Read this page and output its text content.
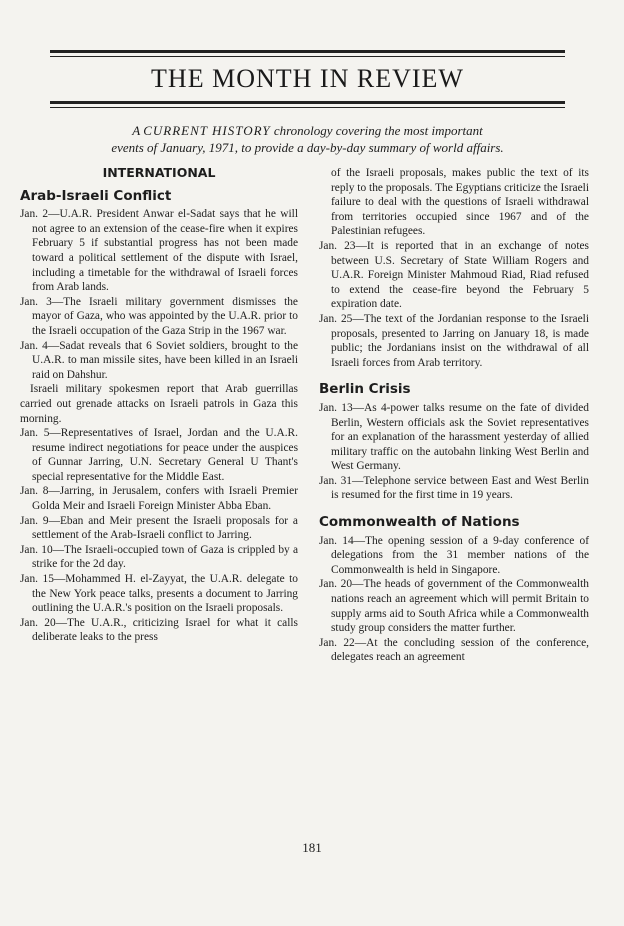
THE MONTH IN REVIEW
A CURRENT HISTORY chronology covering the most important
events of January, 1971, to provide a day-by-day summary of world affairs.
INTERNATIONAL
Arab-Israeli Conflict

Jan. 2—U.A.R. President Anwar el-Sadat says that he will not agree to an extension of the cease-fire when it expires February 5 if substantial progress has not been made toward a political settlement of the dispute with Israel, including a timetable for the withdrawal of Israeli forces from Arab lands.

Jan. 3—The Israeli military government dismisses the mayor of Gaza, who was appointed by the U.A.R. prior to the Israeli occupation of the Gaza Strip in the 1967 war.

Jan. 4—Sadat reveals that 6 Soviet soldiers, brought to the U.A.R. to man missile sites, have been killed in an Israeli raid on Dahshur.

Israeli military spokesmen report that Arab guerrillas carried out grenade attacks on Israeli patrols in Gaza this morning.

Jan. 5—Representatives of Israel, Jordan and the U.A.R. resume indirect negotiations for peace under the auspices of Gunnar Jarring, U.N. Secretary General U Thant's special representative for the Middle East.

Jan. 8—Jarring, in Jerusalem, confers with Israeli Premier Golda Meir and Israeli Foreign Minister Abba Eban.

Jan. 9—Eban and Meir present the Israeli proposals for a settlement of the Arab-Israeli conflict to Jarring.

Jan. 10—The Israeli-occupied town of Gaza is crippled by a strike for the 2d day.

Jan. 15—Mohammed H. el-Zayyat, the U.A.R. delegate to the New York peace talks, presents a document to Jarring outlining the U.A.R.'s position on the Israeli proposals.

Jan. 20—The U.A.R., criticizing Israel for what it calls deliberate leaks to the press

of the Israeli proposals, makes public the text of its reply to the proposals. The Egyptians criticize the Israeli failure to deal with the questions of Israeli withdrawal from territories occupied since 1967 and of the Palestinian refugees.

Jan. 23—It is reported that in an exchange of notes between U.S. Secretary of State William Rogers and U.A.R. Foreign Minister Mahmoud Riad, Riad refused to extend the cease-fire beyond the February 5 expiration date.

Jan. 25—The text of the Jordanian response to the Israeli proposals, presented to Jarring on January 18, is made public; the Jordanians insist on the withdrawal of all Israeli forces from Arab territory.

Berlin Crisis

Jan. 13—As 4-power talks resume on the fate of divided Berlin, Western officials ask the Soviet representatives for an explanation of the harassment yesterday of allied military traffic on the autobahn linking West Berlin and West Germany.

Jan. 31—Telephone service between East and West Berlin is resumed for the first time in 19 years.

Commonwealth of Nations

Jan. 14—The opening session of a 9-day conference of delegations from the 31 member nations of the Commonwealth is held in Singapore.

Jan. 20—The heads of government of the Commonwealth nations reach an agreement which will permit Britain to supply arms aid to South Africa while a Commonwealth study group considers the matter further.

Jan. 22—At the concluding session of the conference, delegates reach an agreement

181
